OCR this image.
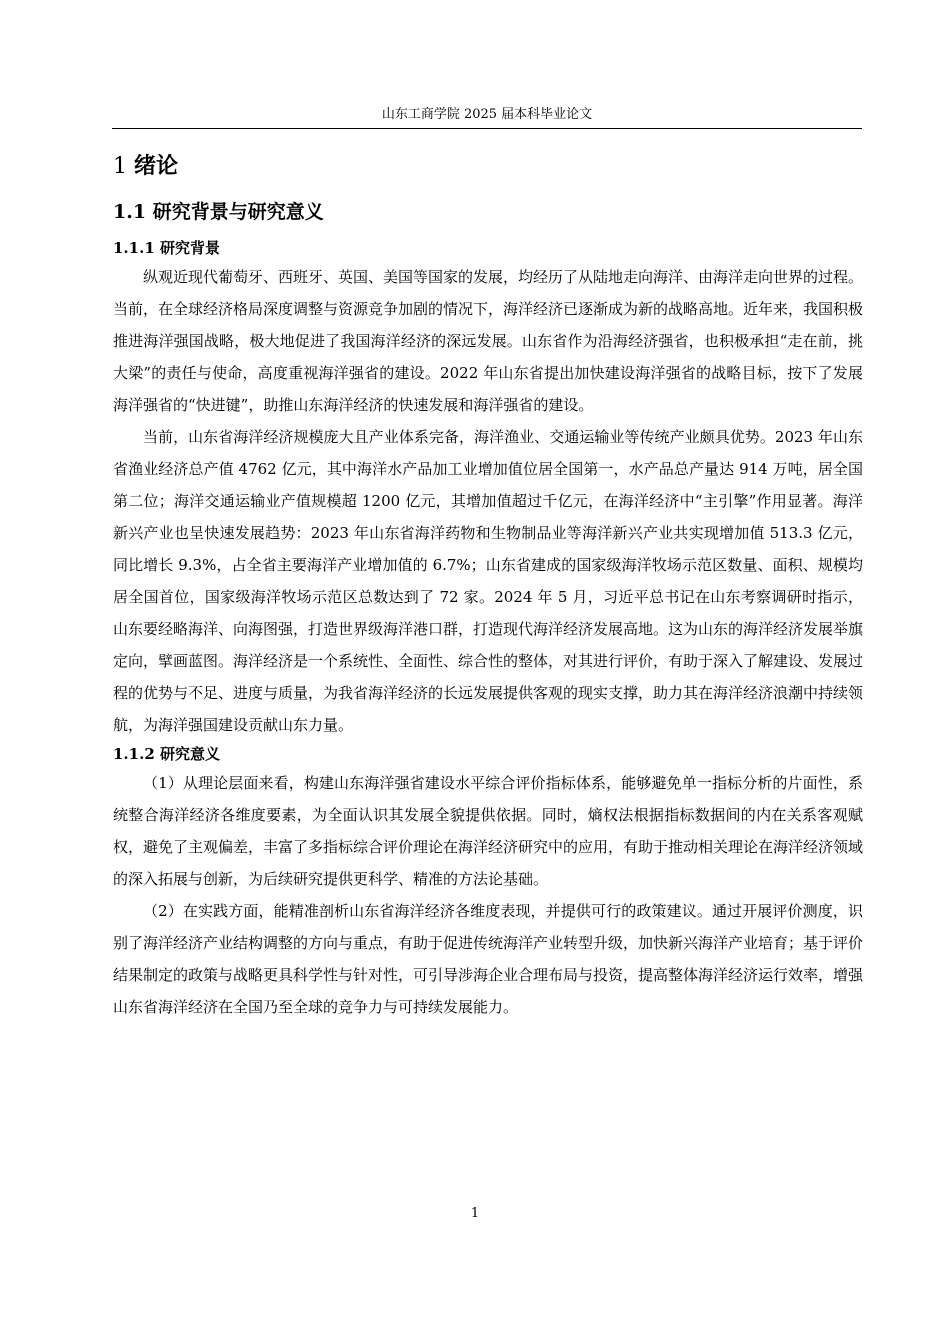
山东工商学院 2025 届本科毕业论文
1 绪论
1.1 研究背景与研究意义
1.1.1 研究背景

纵观近现代葡萄牙、西班牙、英国、美国等国家的发展，均经历了从陆地走向海洋、由海洋走向世界的过程。当前，在全球经济格局深度调整与资源竞争加剧的情况下，海洋经济已逐渐成为新的战略高地。近年来，我国积极推进海洋强国战略，极大地促进了我国海洋经济的深远发展。山东省作为沿海经济强省，也积极承担“走在前，挑大梁”的责任与使命，高度重视海洋强省的建设。2022 年山东省提出加快建设海洋强省的战略目标，按下了发展海洋强省的“快进键”，助推山东海洋经济的快速发展和海洋强省的建设。

当前，山东省海洋经济规模庞大且产业体系完备，海洋渔业、交通运输业等传统产业颇具优势。2023 年山东省渔业经济总产值 4762 亿元，其中海洋水产品加工业增加值位居全国第一，水产品总产量达 914 万吨，居全国第二位；海洋交通运输业产值规模超 1200 亿元，其增加值超过千亿元，在海洋经济中“主引擎”作用显著。海洋新兴产业也呈快速发展趋势：2023 年山东省海洋药物和生物制品业等海洋新兴产业共实现增加值 513.3 亿元，同比增长 9.3%，占全省主要海洋产业增加值的 6.7%；山东省建成的国家级海洋牧场示范区数量、面积、规模均居全国首位，国家级海洋牧场示范区总数达到了 72 家。2024 年 5 月，习近平总书记在山东考察调研时指示，山东要经略海洋、向海图强，打造世界级海洋港口群，打造现代海洋经济发展高地。这为山东的海洋经济发展举旗定向，擘画蓝图。海洋经济是一个系统性、全面性、综合性的整体，对其进行评价，有助于深入了解建设、发展过程的优势与不足、进度与质量，为我省海洋经济的长远发展提供客观的现实支撑，助力其在海洋经济浪潮中持续领航，为海洋强国建设贡献山东力量。

1.1.2 研究意义

（1）从理论层面来看，构建山东海洋强省建设水平综合评价指标体系，能够避免单一指标分析的片面性，系统整合海洋经济各维度要素，为全面认识其发展全貌提供依据。同时，熵权法根据指标数据间的内在关系客观赋权，避免了主观偏差，丰富了多指标综合评价理论在海洋经济研究中的应用，有助于推动相关理论在海洋经济领域的深入拓展与创新，为后续研究提供更科学、精准的方法论基础。

（2）在实践方面，能精准剖析山东省海洋经济各维度表现，并提供可行的政策建议。通过开展评价测度，识别了海洋经济产业结构调整的方向与重点，有助于促进传统海洋产业转型升级，加快新兴海洋产业培育；基于评价结果制定的政策与战略更具科学性与针对性，可引导涉海企业合理布局与投资，提高整体海洋经济运行效率，增强山东省海洋经济在全国乃至全球的竞争力与可持续发展能力。

1
